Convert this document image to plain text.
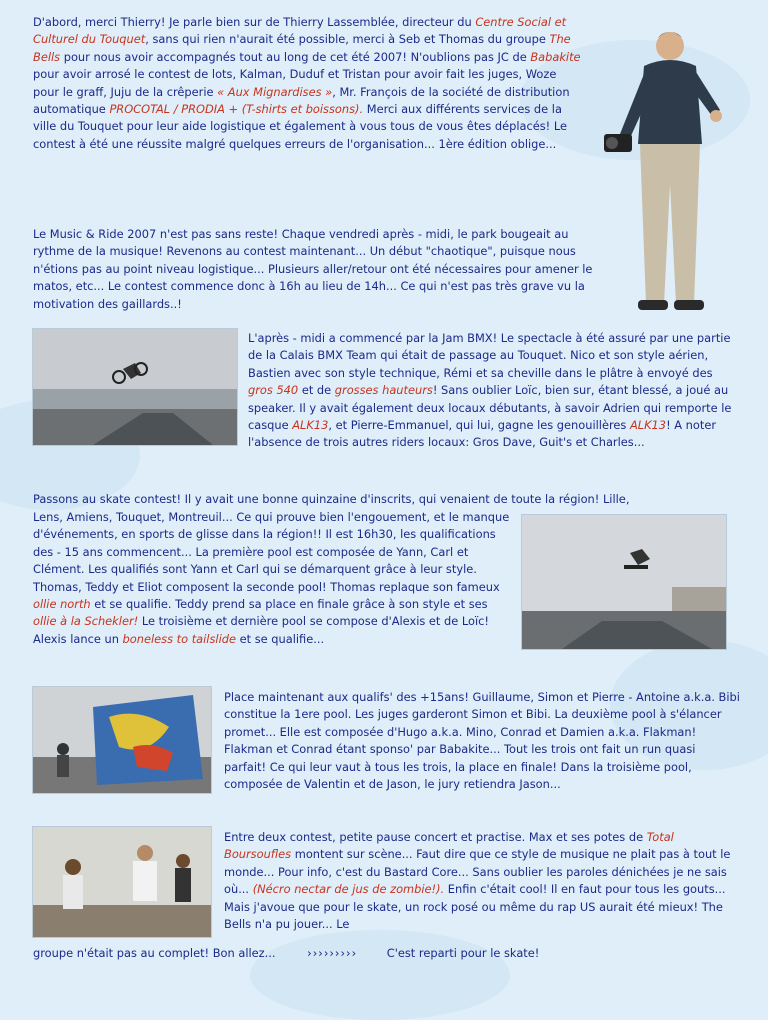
D'abord, merci Thierry! Je parle bien sur de Thierry Lassemblée, directeur du Centre Social et Culturel du Touquet, sans qui rien n'aurait été possible, merci à Seb et Thomas du groupe The Bells pour nous avoir accompagnés tout au long de cet été 2007! N'oublions pas JC de Babakite pour avoir arrosé le contest de lots, Kalman, Duduf et Tristan pour avoir fait les juges, Woze pour le graff, Juju de la crêperie « Aux Mignardises », Mr. François de la société de distribution automatique PROCOTAL / PRODIA + (T-shirts et boissons). Merci aux différents services de la ville du Touquet pour leur aide logistique et également à vous tous de vous êtes déplacés! Le contest à été une réussite malgré quelques erreurs de l'organisation... 1ère édition oblige...

Le Music & Ride 2007 n'est pas sans reste! Chaque vendredi après - midi, le park bougeait au rythme de la musique! Revenons au contest maintenant... Un début "chaotique", puisque nous n'étions pas au point niveau logistique... Plusieurs aller/retour ont été nécessaires pour amener le matos, etc... Le contest commence donc à 16h au lieu de 14h... Ce qui n'est pas très grave vu la motivation des gaillards..!

L'après - midi a commencé par la Jam BMX! Le spectacle à été assuré par une partie de la Calais BMX Team qui était de passage au Touquet. Nico et son style aérien, Bastien avec son style technique, Rémi et sa cheville dans le plâtre à envoyé des gros 540 et de grosses hauteurs! Sans oublier Loïc, bien sur, étant blessé, a joué au speaker. Il y avait également deux locaux débutants, à savoir Adrien qui remporte le casque ALK13, et Pierre-Emmanuel, qui lui, gagne les genouillères ALK13! A noter l'absence de trois autres riders locaux: Gros Dave, Guit's et Charles...

Passons au skate contest! Il y avait une bonne quinzaine d'inscrits, qui venaient de toute la région! Lille,

Lens, Amiens, Touquet, Montreuil... Ce qui prouve bien l'engouement, et le manque d'événements, en sports de glisse dans la région!! Il est 16h30, les qualifications des - 15 ans commencent... La première pool est composée de Yann, Carl et Clément. Les qualifiés sont Yann et Carl qui se démarquent grâce à leur style. Thomas, Teddy et Eliot composent la seconde pool! Thomas replaque son fameux ollie north et se qualifie. Teddy prend sa place en finale grâce à son style et ses ollie à la Schekler! Le troisième et dernière pool se compose d'Alexis et de Loïc! Alexis lance un boneless to tailslide et se qualifie...

Place maintenant aux qualifs' des +15ans! Guillaume, Simon et Pierre - Antoine a.k.a. Bibi constitue la 1ere pool. Les juges garderont Simon et Bibi. La deuxième pool à s'élancer promet... Elle est composée d'Hugo a.k.a. Mino, Conrad et Damien a.k.a. Flakman! Flakman et Conrad étant sponso' par Babakite... Tout les trois ont fait un run quasi parfait! Ce qui leur vaut à tous les trois, la place en finale! Dans la troisième pool, composée de Valentin et de Jason, le jury retiendra Jason...

Entre deux contest, petite pause concert et practise. Max et ses potes de Total Boursoufles montent sur scène... Faut dire que ce style de musique ne plait pas à tout le monde... Pour info, c'est du Bastard Core... Sans oublier les paroles dénichées je ne sais où... (Nécro nectar de jus de zombie!). Enfin c'était cool! Il en faut pour tous les gouts... Mais j'avoue que pour le skate, un rock posé ou même du rap US aurait été mieux! The Bells n'a pu jouer... Le

groupe n'était pas au complet! Bon allez...	›››››››››	C'est reparti pour le skate!
